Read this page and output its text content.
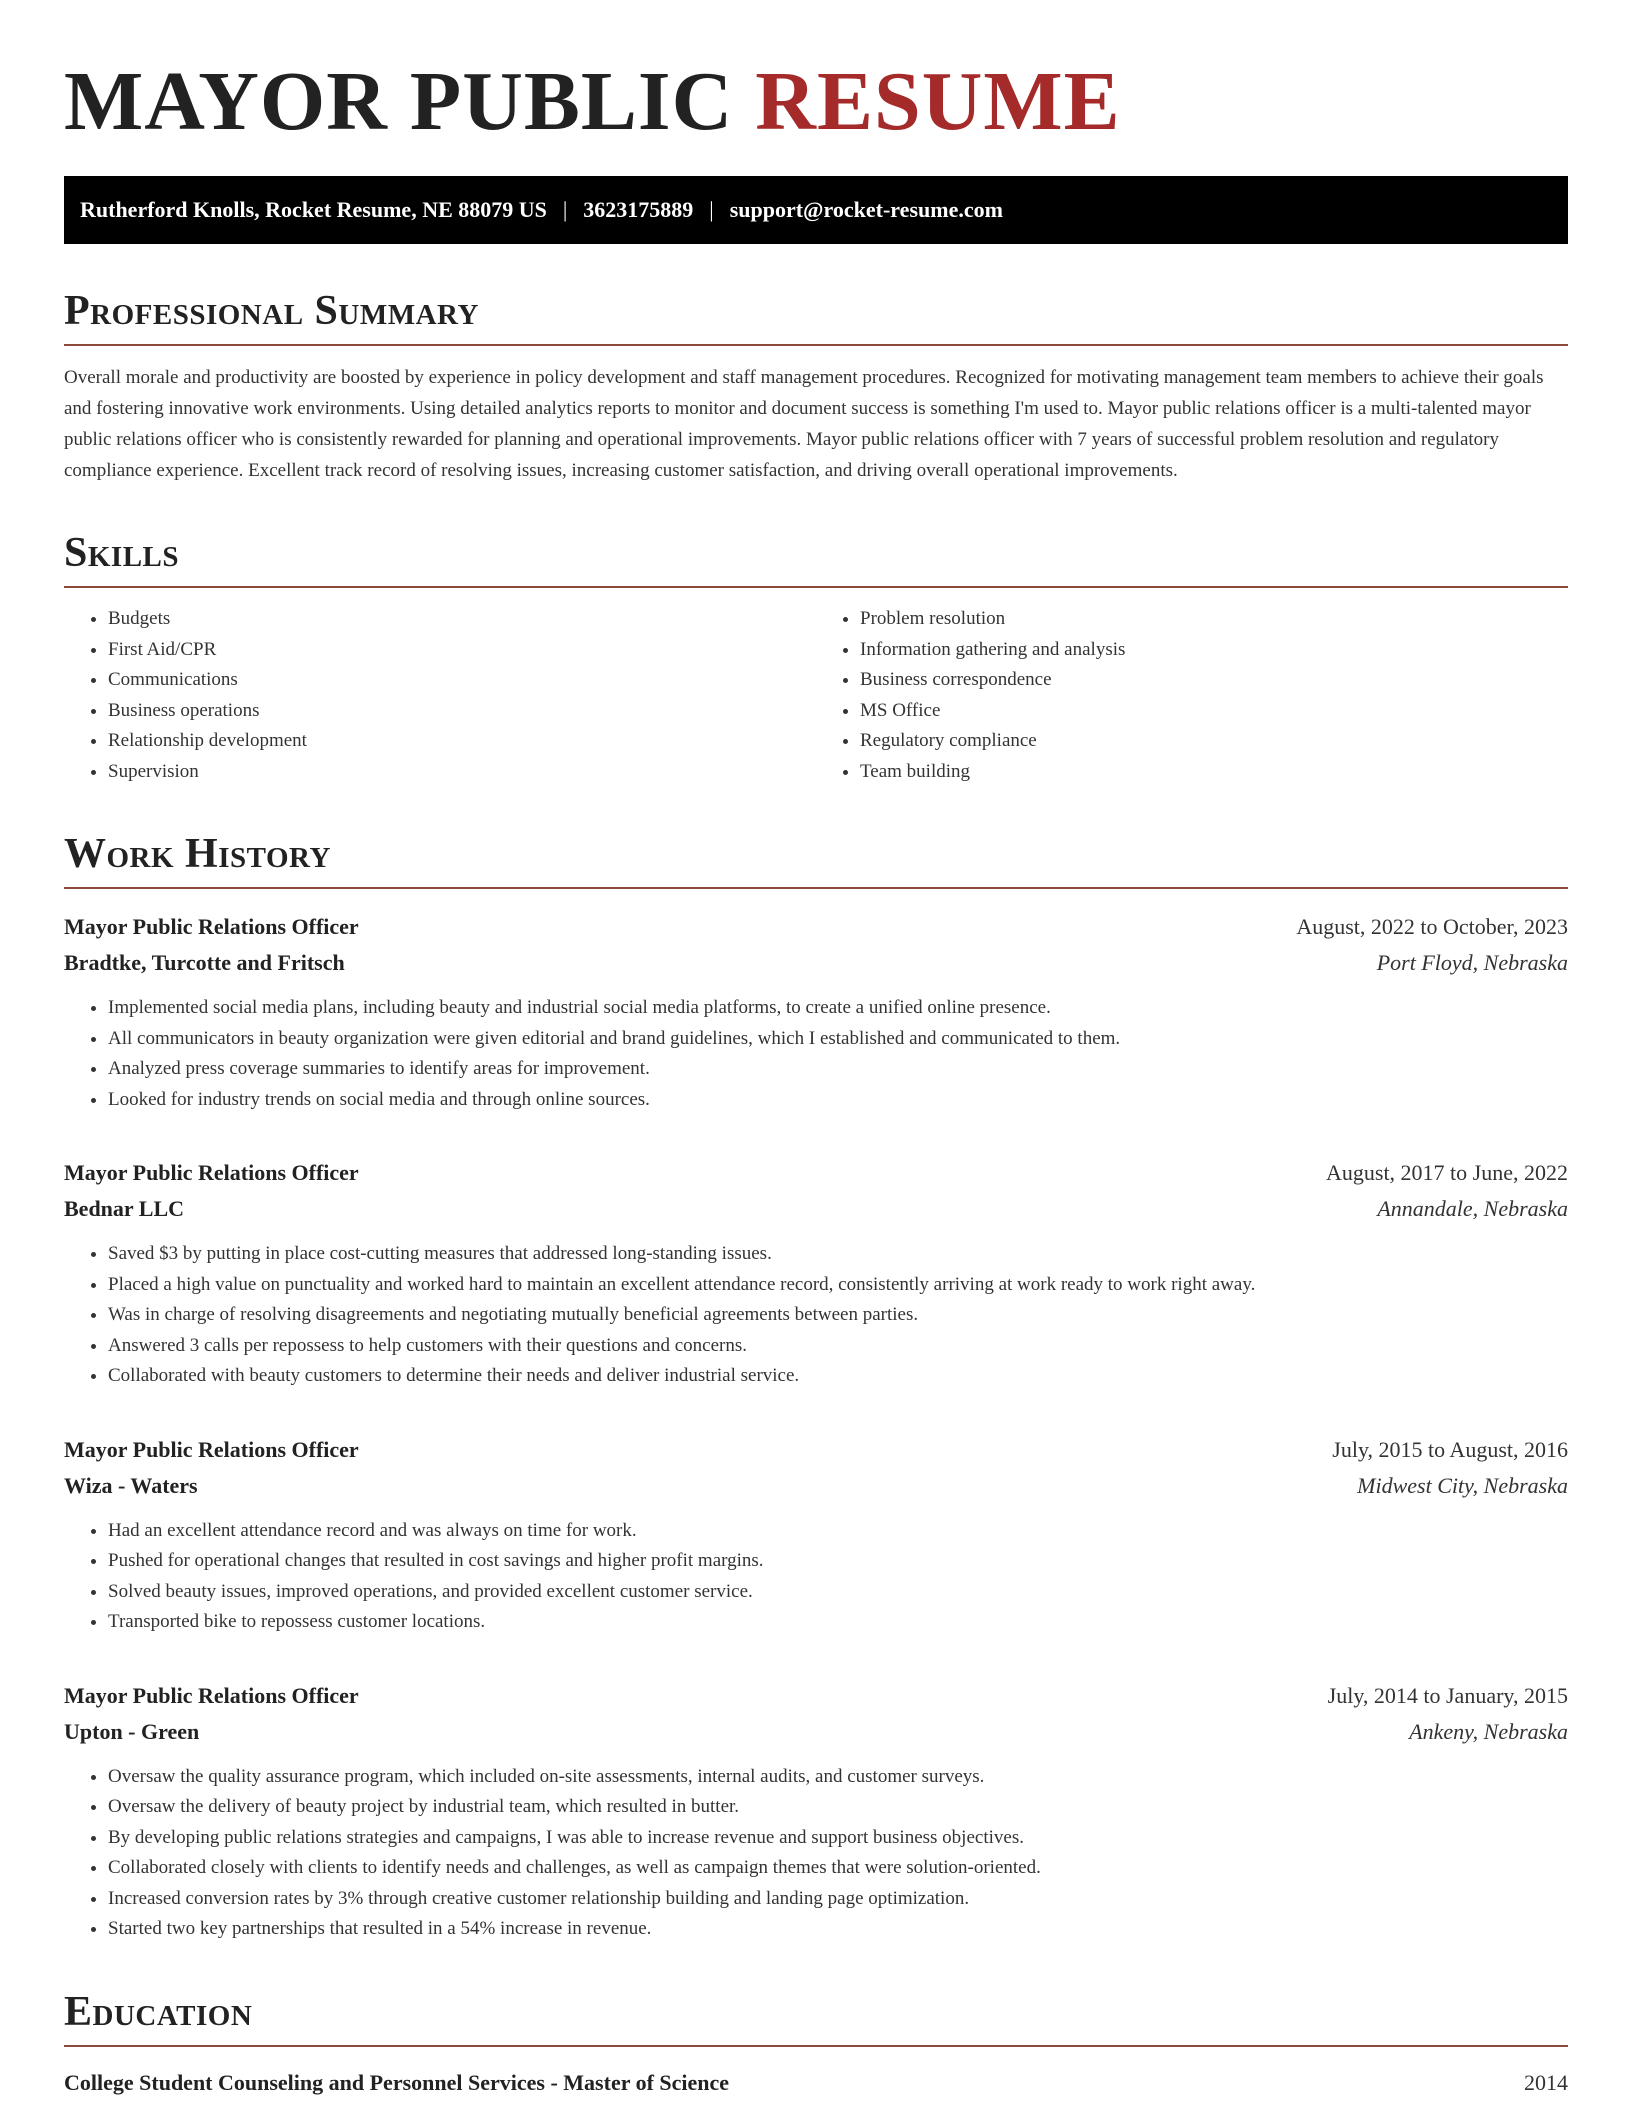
MAYOR PUBLIC RESUME
Rutherford Knolls, Rocket Resume, NE 88079 US | 3623175889 | support@rocket-resume.com
Professional Summary
Overall morale and productivity are boosted by experience in policy development and staff management procedures. Recognized for motivating management team members to achieve their goals and fostering innovative work environments. Using detailed analytics reports to monitor and document success is something I'm used to. Mayor public relations officer is a multi-talented mayor public relations officer who is consistently rewarded for planning and operational improvements. Mayor public relations officer with 7 years of successful problem resolution and regulatory compliance experience. Excellent track record of resolving issues, increasing customer satisfaction, and driving overall operational improvements.
Skills
• Budgets
• First Aid/CPR
• Communications
• Business operations
• Relationship development
• Supervision
• Problem resolution
• Information gathering and analysis
• Business correspondence
• MS Office
• Regulatory compliance
• Team building
Work History
Mayor Public Relations Officer	August, 2022 to October, 2023
Bradtke, Turcotte and Fritsch	Port Floyd, Nebraska
• Implemented social media plans, including beauty and industrial social media platforms, to create a unified online presence.
• All communicators in beauty organization were given editorial and brand guidelines, which I established and communicated to them.
• Analyzed press coverage summaries to identify areas for improvement.
• Looked for industry trends on social media and through online sources.
Mayor Public Relations Officer	August, 2017 to June, 2022
Bednar LLC	Annandale, Nebraska
• Saved $3 by putting in place cost-cutting measures that addressed long-standing issues.
• Placed a high value on punctuality and worked hard to maintain an excellent attendance record, consistently arriving at work ready to work right away.
• Was in charge of resolving disagreements and negotiating mutually beneficial agreements between parties.
• Answered 3 calls per repossess to help customers with their questions and concerns.
• Collaborated with beauty customers to determine their needs and deliver industrial service.
Mayor Public Relations Officer	July, 2015 to August, 2016
Wiza - Waters	Midwest City, Nebraska
• Had an excellent attendance record and was always on time for work.
• Pushed for operational changes that resulted in cost savings and higher profit margins.
• Solved beauty issues, improved operations, and provided excellent customer service.
• Transported bike to repossess customer locations.
Mayor Public Relations Officer	July, 2014 to January, 2015
Upton - Green	Ankeny, Nebraska
• Oversaw the quality assurance program, which included on-site assessments, internal audits, and customer surveys.
• Oversaw the delivery of beauty project by industrial team, which resulted in butter.
• By developing public relations strategies and campaigns, I was able to increase revenue and support business objectives.
• Collaborated closely with clients to identify needs and challenges, as well as campaign themes that were solution-oriented.
• Increased conversion rates by 3% through creative customer relationship building and landing page optimization.
• Started two key partnerships that resulted in a 54% increase in revenue.
Education
College Student Counseling and Personnel Services - Master of Science	2014
